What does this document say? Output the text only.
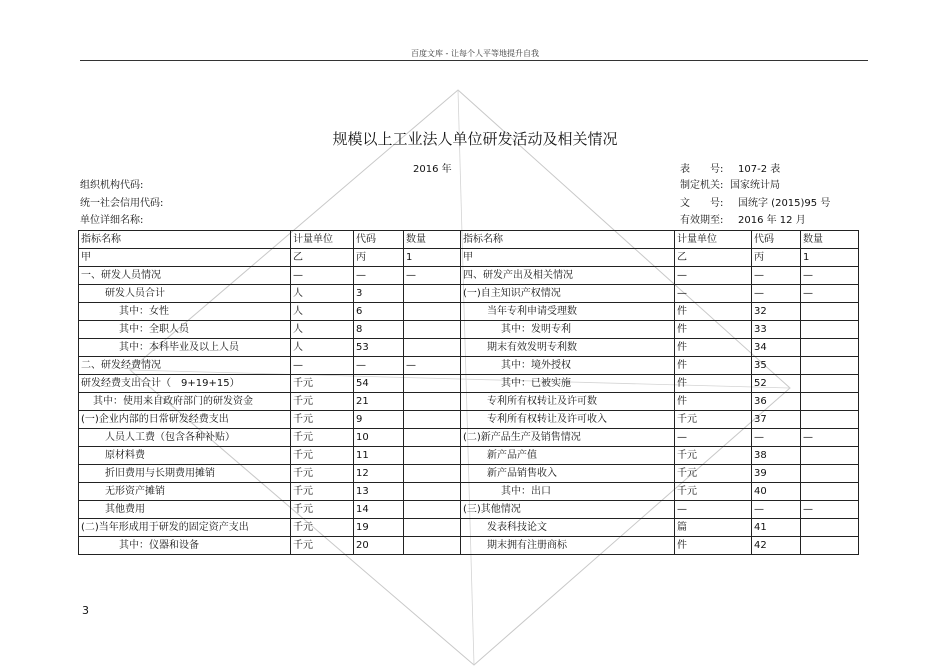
百度文库 - 让每个人平等地提升自我
规模以上工业法人单位研发活动及相关情况
2016 年
组织机构代码:
统一社会信用代码:
单位详细名称:
表　　号: 107-2 表
制定机关: 国家统计局
文　　号: 国统字 (2015)95 号
有效期至: 2016 年 12 月
指标名称	计量单位	代码	数量	指标名称	计量单位	代码	数量
甲	乙	丙	1	甲	乙	丙	1
一、研发人员情况	—	—	—	四、研发产出及相关情况	—	—	—
研发人员合计	人	3		(一)自主知识产权情况	—	—	—
其中：女性	人	6		当年专利申请受理数	件	32	
其中：全职人员	人	8		其中：发明专利	件	33	
其中：本科毕业及以上人员	人	53		期末有效发明专利数	件	34	
二、研发经费情况	—	—	—	其中：境外授权	件	35	
研发经费支出合计（　9+19+15）	千元	54		其中：已被实施	件	52	
其中：使用来自政府部门的研发资金	千元	21		专利所有权转让及许可数	件	36	
(一)企业内部的日常研发经费支出	千元	9		专利所有权转让及许可收入	千元	37	
人员人工费（包含各种补贴）	千元	10		(二)新产品生产及销售情况	—	—	—
原材料费	千元	11		新产品产值	千元	38	
折旧费用与长期费用摊销	千元	12		新产品销售收入	千元	39	
无形资产摊销	千元	13		其中：出口	千元	40	
其他费用	千元	14		(三)其他情况	—	—	—
(二)当年形成用于研发的固定资产支出	千元	19		发表科技论文	篇	41	
其中：仪器和设备	千元	20		期末拥有注册商标	件	42	
3
